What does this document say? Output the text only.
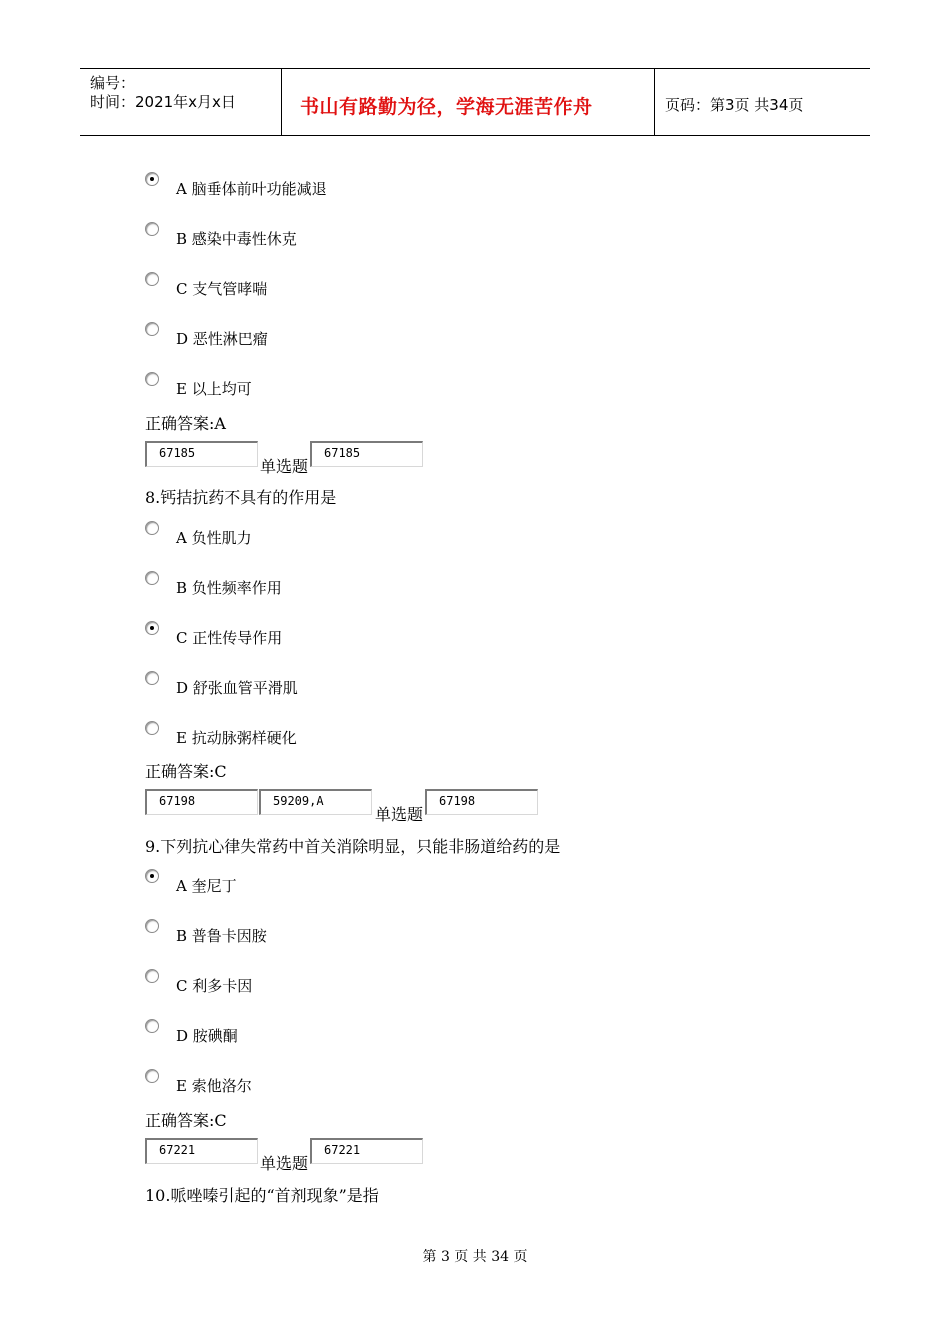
编号：
时间：2021年x月x日	书山有路勤为径，学海无涯苦作舟	页码：第3页 共34页
A 脑垂体前叶功能减退
B 感染中毒性休克
C 支气管哮喘
D 恶性淋巴瘤
E 以上均可
正确答案:A
67185
单选题
67185
8.钙拮抗药不具有的作用是
A 负性肌力
B 负性频率作用
C 正性传导作用
D 舒张血管平滑肌
E 抗动脉粥样硬化
正确答案:C
67198	59209,A
单选题
67198
9.下列抗心律失常药中首关消除明显，只能非肠道给药的是
A 奎尼丁
B 普鲁卡因胺
C 利多卡因
D 胺碘酮
E 索他洛尔
正确答案:C
67221
单选题
67221
10.哌唑嗪引起的“首剂现象”是指
第 3 页 共 34 页
